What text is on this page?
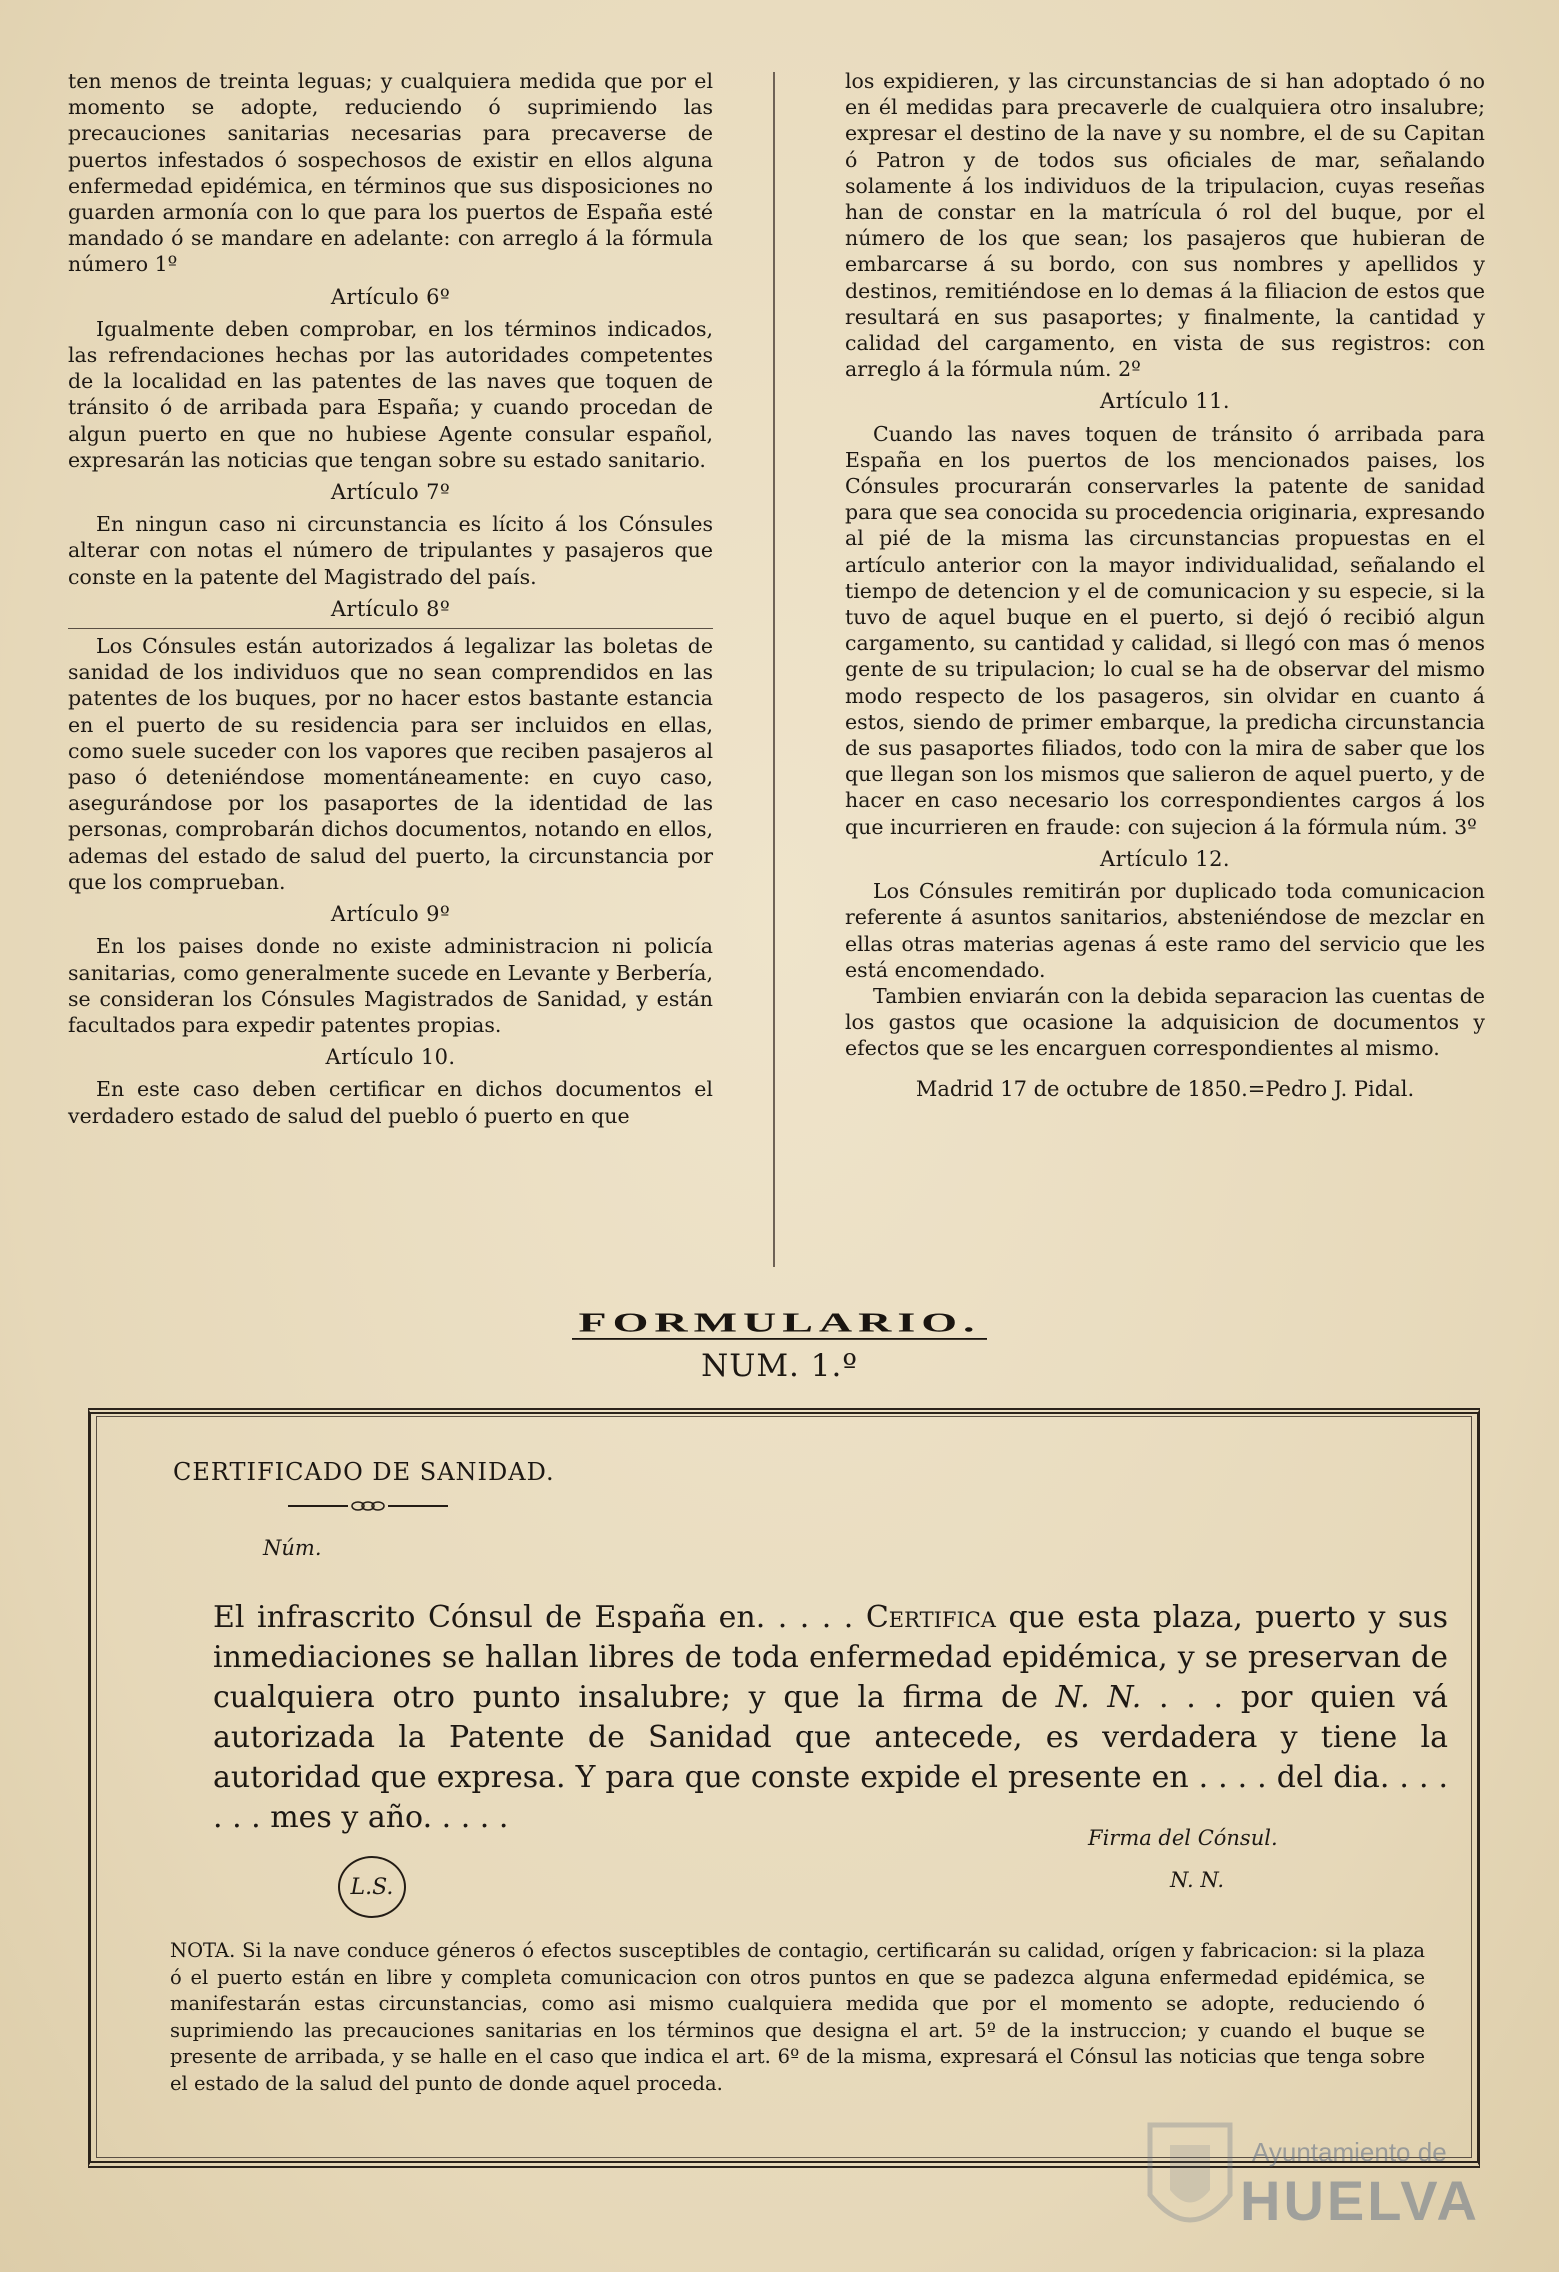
ten menos de treinta leguas; y cualquiera medida que por el momento se adopte, reduciendo ó suprimiendo las precauciones sanitarias necesarias para precaverse de puertos infestados ó sospechosos de existir en ellos alguna enfermedad epidémica, en términos que sus disposiciones no guarden armonía con lo que para los puertos de España esté mandado ó se mandare en adelante: con arreglo á la fórmula número 1º

Artículo 6º

Igualmente deben comprobar, en los términos indicados, las refrendaciones hechas por las autoridades competentes de la localidad en las patentes de las naves que toquen de tránsito ó de arribada para España; y cuando procedan de algun puerto en que no hubiese Agente consular español, expresarán las noticias que tengan sobre su estado sanitario.

Artículo 7º

En ningun caso ni circunstancia es lícito á los Cónsules alterar con notas el número de tripulantes y pasajeros que conste en la patente del Magistrado del país.

Artículo 8º

Los Cónsules están autorizados á legalizar las boletas de sanidad de los individuos que no sean comprendidos en las patentes de los buques, por no hacer estos bastante estancia en el puerto de su residencia para ser incluidos en ellas, como suele suceder con los vapores que reciben pasajeros al paso ó deteniéndose momentáneamente: en cuyo caso, asegurándose por los pasaportes de la identidad de las personas, comprobarán dichos documentos, notando en ellos, ademas del estado de salud del puerto, la circunstancia por que los comprueban.

Artículo 9º

En los paises donde no existe administracion ni policía sanitarias, como generalmente sucede en Levante y Berbería, se consideran los Cónsules Magistrados de Sanidad, y están facultados para expedir patentes propias.

Artículo 10.

En este caso deben certificar en dichos documentos el verdadero estado de salud del pueblo ó puerto en que

los expidieren, y las circunstancias de si han adoptado ó no en él medidas para precaverle de cualquiera otro insalubre; expresar el destino de la nave y su nombre, el de su Capitan ó Patron y de todos sus oficiales de mar, señalando solamente á los individuos de la tripulacion, cuyas reseñas han de constar en la matrícula ó rol del buque, por el número de los que sean; los pasajeros que hubieran de embarcarse á su bordo, con sus nombres y apellidos y destinos, remitiéndose en lo demas á la filiacion de estos que resultará en sus pasaportes; y finalmente, la cantidad y calidad del cargamento, en vista de sus registros: con arreglo á la fórmula núm. 2º

Artículo 11.

Cuando las naves toquen de tránsito ó arribada para España en los puertos de los mencionados paises, los Cónsules procurarán conservarles la patente de sanidad para que sea conocida su procedencia originaria, expresando al pié de la misma las circunstancias propuestas en el artículo anterior con la mayor individualidad, señalando el tiempo de detencion y el de comunicacion y su especie, si la tuvo de aquel buque en el puerto, si dejó ó recibió algun cargamento, su cantidad y calidad, si llegó con mas ó menos gente de su tripulacion; lo cual se ha de observar del mismo modo respecto de los pasageros, sin olvidar en cuanto á estos, siendo de primer embarque, la predicha circunstancia de sus pasaportes filiados, todo con la mira de saber que los que llegan son los mismos que salieron de aquel puerto, y de hacer en caso necesario los correspondientes cargos á los que incurrieren en fraude: con sujecion á la fórmula núm. 3º

Artículo 12.

Los Cónsules remitirán por duplicado toda comunicacion referente á asuntos sanitarios, absteniéndose de mezclar en ellas otras materias agenas á este ramo del servicio que les está encomendado.

Tambien enviarán con la debida separacion las cuentas de los gastos que ocasione la adquisicion de documentos y efectos que se les encarguen correspondientes al mismo.

Madrid 17 de octubre de 1850.=Pedro J. Pidal.
FORMULARIO.
NUM. 1.º
CERTIFICADO DE SANIDAD.
Núm.
El infrascrito Cónsul de España en. . . . . Certifica que esta plaza, puerto y sus inmediaciones se hallan libres de toda enfermedad epidémica, y se preservan de cualquiera otro punto insalubre; y que la firma de N. N. . . . por quien vá autorizada la Patente de Sanidad que antecede, es verdadera y tiene la autoridad que expresa. Y para que conste expide el presente en . . . . del dia. . . . . . . mes y año. . . . .
Firma del Cónsul.
N. N.
L.S.
NOTA. Si la nave conduce géneros ó efectos susceptibles de contagio, certificarán su calidad, orígen y fabricacion: si la plaza ó el puerto están en libre y completa comunicacion con otros puntos en que se padezca alguna enfermedad epidémica, se manifestarán estas circunstancias, como asi mismo cualquiera medida que por el momento se adopte, reduciendo ó suprimiendo las precauciones sanitarias en los términos que designa el art. 5º de la instruccion; y cuando el buque se presente de arribada, y se halle en el caso que indica el art. 6º de la misma, expresará el Cónsul las noticias que tenga sobre el estado de la salud del punto de donde aquel proceda.
Ayuntamiento de
HUELVA
